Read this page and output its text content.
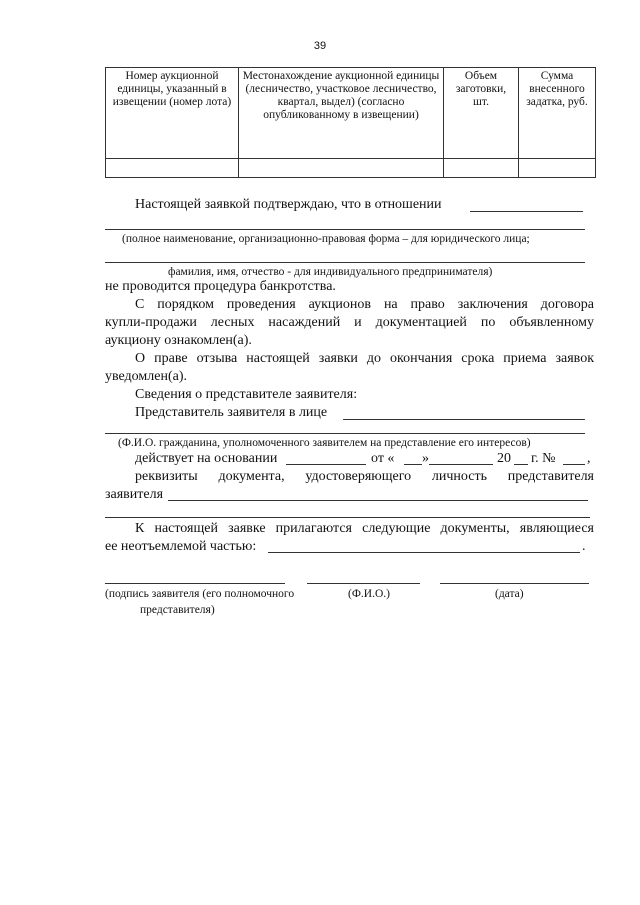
39
Номер аукционной единицы, указанный в извещении (номер лота)	Местонахождение аукционной единицы (лесничество, участковое лесничество, квартал, выдел) (согласно опубликованному в извещении)	Объем заготовки, шт.	Сумма внесенного задатка, руб.

Настоящей заявкой подтверждаю, что в отношении
(полное наименование, организационно-правовая форма – для юридического лица;
фамилия, имя, отчество - для индивидуального предпринимателя)
не проводится процедура банкротства.
С порядком проведения аукционов на право заключения договора
купли-продажи лесных насаждений и документацией по объявленному
аукциону ознакомлен(а).
О праве отзыва настоящей заявки до окончания срока приема заявок
уведомлен(а).
Сведения о представителе заявителя:
Представитель заявителя в лице
(Ф.И.О. гражданина, уполномоченного заявителем на представление его интересов)
действует на основании	от « »	20 г. № ,
реквизиты документа, удостоверяющего личность представителя
заявителя
К настоящей заявке прилагаются следующие документы, являющиеся
ее неотъемлемой частью:	.
(подпись заявителя (его полномочного
представителя)
(Ф.И.О.)	(дата)
